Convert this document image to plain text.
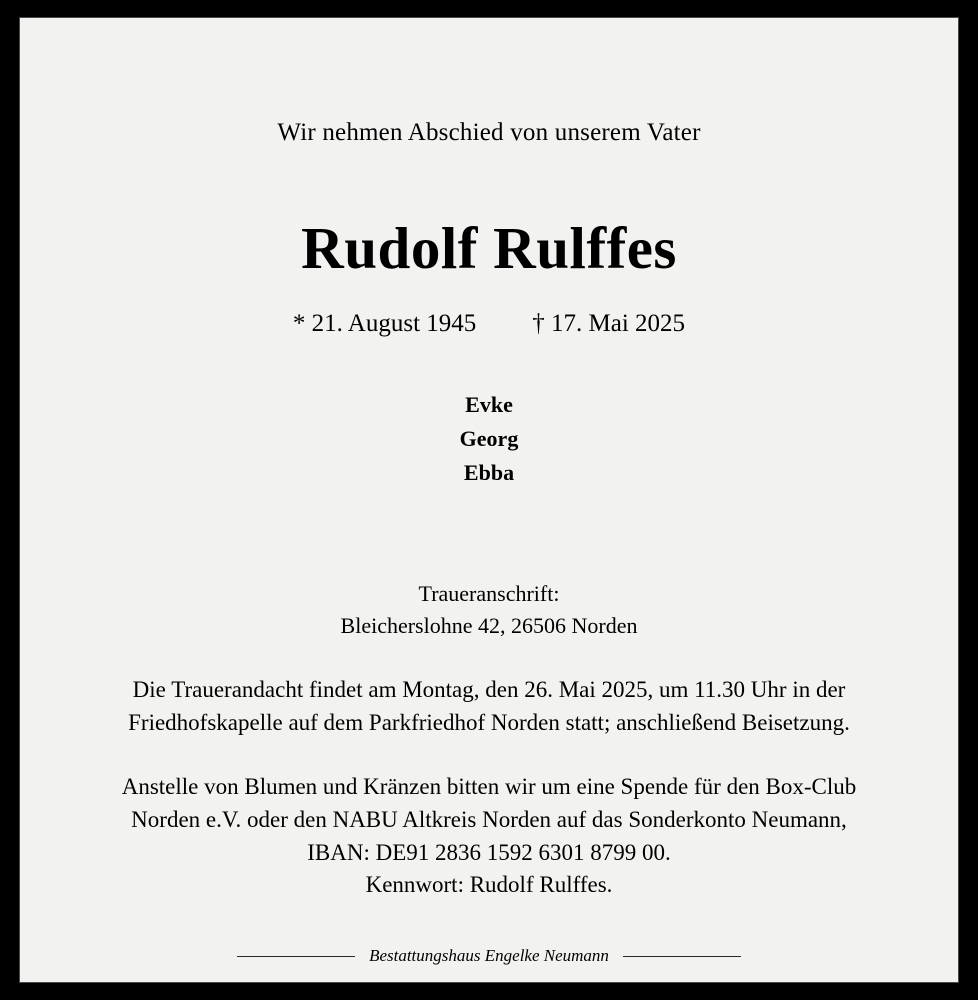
Wir nehmen Abschied von unserem Vater
Rudolf Rulffes
* 21. August 1945 † 17. Mai 2025
Evke
Georg
Ebba
Traueranschrift:
Bleicherslohne 42, 26506 Norden
Die Trauerandacht findet am Montag, den 26. Mai 2025, um 11.30 Uhr in der
Friedhofskapelle auf dem Parkfriedhof Norden statt; anschließend Beisetzung.
Anstelle von Blumen und Kränzen bitten wir um eine Spende für den Box-Club
Norden e.V. oder den NABU Altkreis Norden auf das Sonderkonto Neumann,
IBAN: DE91 2836 1592 6301 8799 00.
Kennwort: Rudolf Rulffes.
Bestattungshaus Engelke Neumann
